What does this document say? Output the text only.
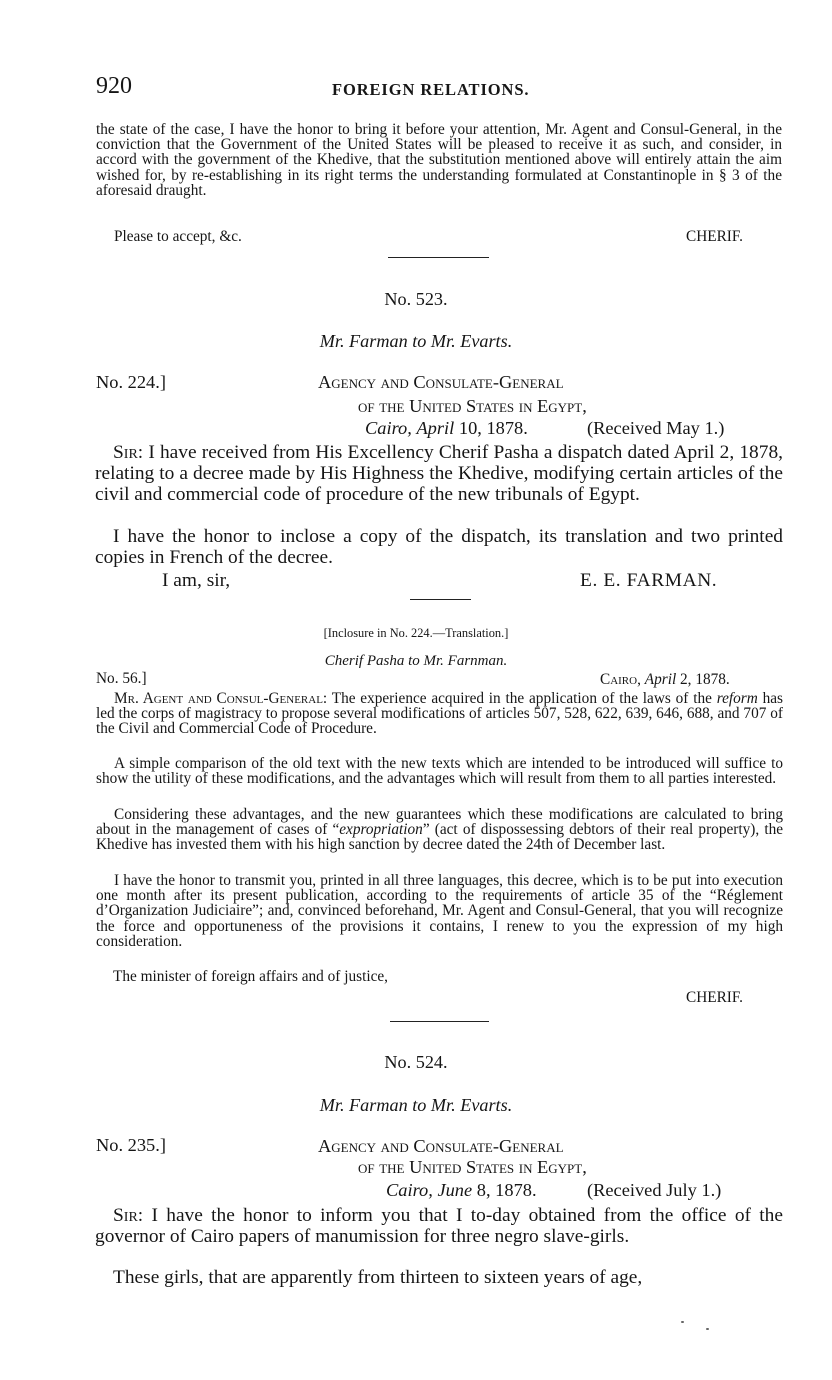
920	FOREIGN RELATIONS.

the state of the case, I have the honor to bring it before your attention, Mr. Agent and Consul-General, in the conviction that the Government of the United States will be pleased to receive it as such, and consider, in accord with the government of the Khedive, that the substitution mentioned above will entirely attain the aim wished for, by re-establishing in its right terms the understanding formulated at Constantinople in § 3 of the aforesaid draught.

Please to accept, &c.	CHERIF.
No. 523.
Mr. Farman to Mr. Evarts.
No. 224.]	Agency and Consulate-General
of the United States in Egypt,
Cairo, April 10, 1878.	(Received May 1.)

Sir: I have received from His Excellency Cherif Pasha a dispatch dated April 2, 1878, relating to a decree made by His Highness the Khedive, modifying certain articles of the civil and commercial code of procedure of the new tribunals of Egypt.

I have the honor to inclose a copy of the dispatch, its translation and two printed copies in French of the decree.

I am, sir,	E. E. FARMAN.
[Inclosure in No. 224.—Translation.]
Cherif Pasha to Mr. Farnman.
No. 56.]	Cairo, April 2, 1878.

Mr. Agent and Consul-General: The experience acquired in the application of the laws of the reform has led the corps of magistracy to propose several modifications of articles 507, 528, 622, 639, 646, 688, and 707 of the Civil and Commercial Code of Procedure.

A simple comparison of the old text with the new texts which are intended to be introduced will suffice to show the utility of these modifications, and the advantages which will result from them to all parties interested.

Considering these advantages, and the new guarantees which these modifications are calculated to bring about in the management of cases of “expropriation” (act of dispossessing debtors of their real property), the Khedive has invested them with his high sanction by decree dated the 24th of December last.

I have the honor to transmit you, printed in all three languages, this decree, which is to be put into execution one month after its present publication, according to the requirements of article 35 of the “Réglement d’Organization Judiciaire”; and, convinced beforehand, Mr. Agent and Consul-General, that you will recognize the force and opportuneness of the provisions it contains, I renew to you the expression of my high consideration.

The minister of foreign affairs and of justice,
CHERIF.
No. 524.
Mr. Farman to Mr. Evarts.
No. 235.]	Agency and Consulate-General
of the United States in Egypt,
Cairo, June 8, 1878.	(Received July 1.)

Sir: I have the honor to inform you that I to-day obtained from the office of the governor of Cairo papers of manumission for three negro slave-girls.

These girls, that are apparently from thirteen to sixteen years of age,
